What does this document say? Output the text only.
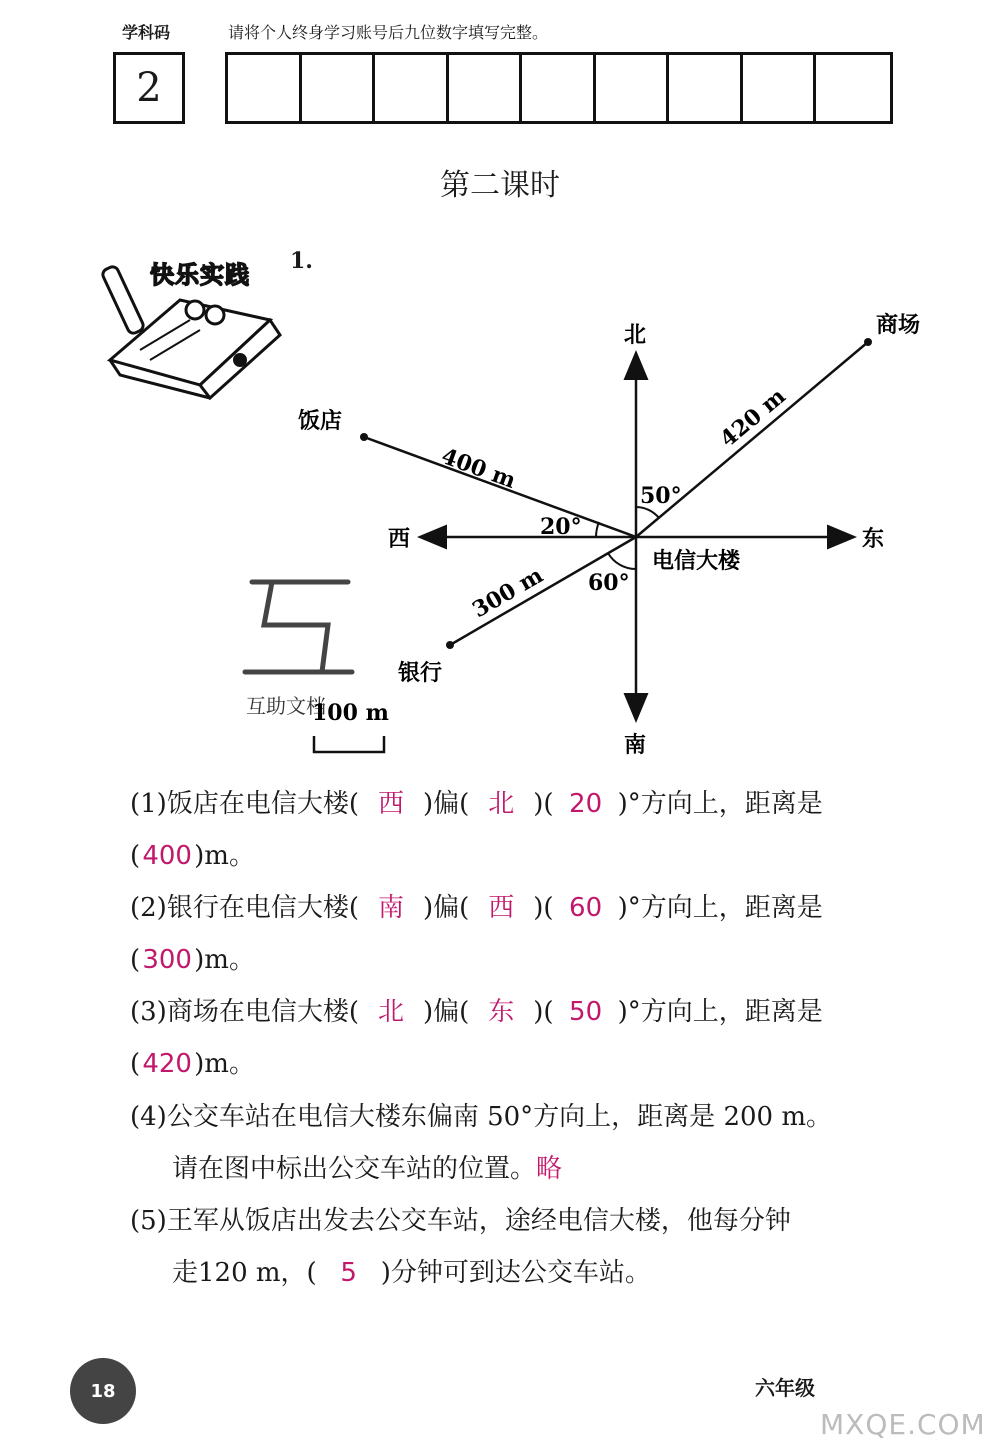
学科码	请将个人终身学习账号后九位数字填写完整。
2
第二课时
快乐实践 1.
北
南
东
西
电信大楼
饭店
银行
商场
400 m
300 m
420 m
20°
60°
50°
互助文档
100 m
(1)饭店在电信大楼( 西 )偏( 北 )( 20 )°方向上，距离是
(400)m。
(2)银行在电信大楼( 南 )偏( 西 )( 60 )°方向上，距离是
(300)m。
(3)商场在电信大楼( 北 )偏( 东 )( 50 )°方向上，距离是
(420)m。
(4)公交车站在电信大楼东偏南 50°方向上，距离是 200 m。
请在图中标出公交车站的位置。略
(5)王军从饭店出发去公交车站，途经电信大楼，他每分钟
走120 m，( 5 )分钟可到达公交车站。
18	六年级
MXQE.COM
